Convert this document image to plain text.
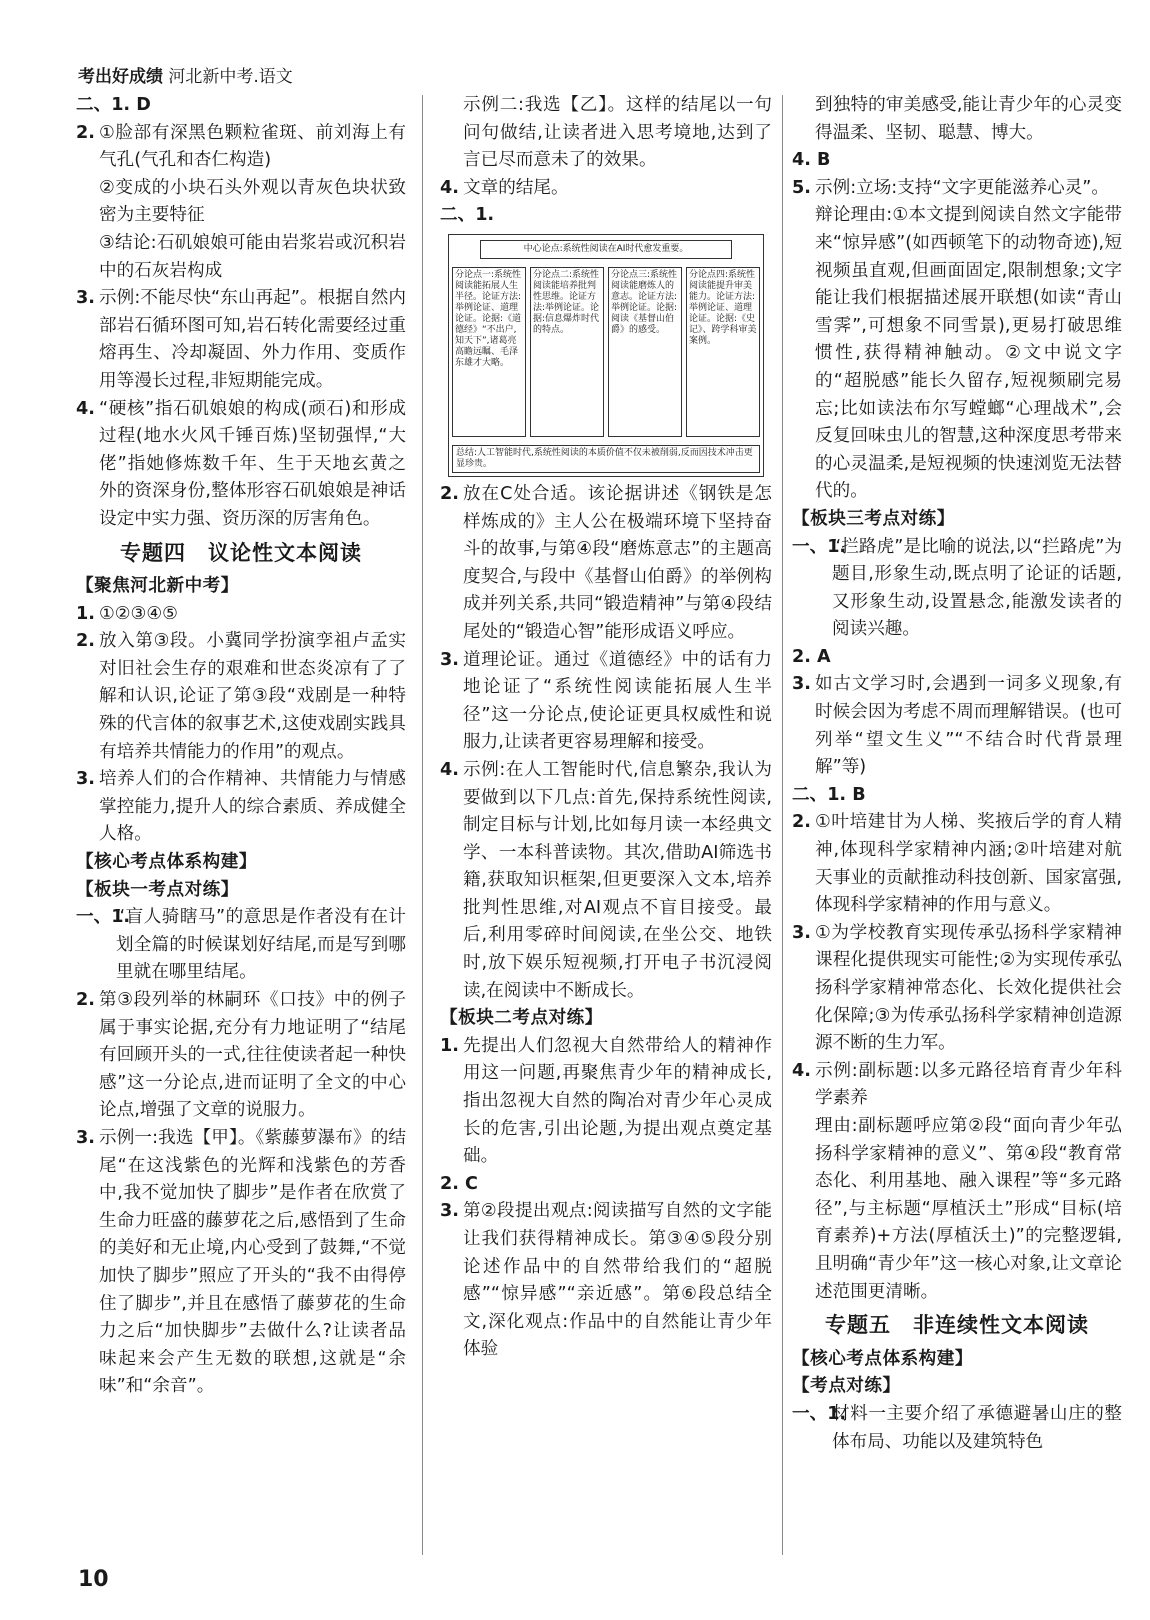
考出好成绩 河北新中考.语文

二、1. D

2. ①脸部有深黑色颗粒雀斑、前刘海上有气孔(气孔和杏仁构造)

②变成的小块石头外观以青灰色块状致密为主要特征

③结论:石矶娘娘可能由岩浆岩或沉积岩中的石灰岩构成

3. 示例:不能尽快“东山再起”。根据自然内部岩石循环图可知,岩石转化需要经过重熔再生、冷却凝固、外力作用、变质作用等漫长过程,非短期能完成。
4. “硬核”指石矶娘娘的构成(顽石)和形成过程(地水火风千锤百炼)坚韧强悍,“大佬”指她修炼数千年、生于天地玄黄之外的资深身份,整体形容石矶娘娘是神话设定中实力强、资历深的厉害角色。

专题四　议论性文本阅读

【聚焦河北新中考】

1. ①②③④⑤
2. 放入第③段。小冀同学扮演孪祖卢孟实对旧社会生存的艰难和世态炎凉有了了解和认识,论证了第③段“戏剧是一种特殊的代言体的叙事艺术,这使戏剧实践具有培养共情能力的作用”的观点。
3. 培养人们的合作精神、共情能力与情感掌控能力,提升人的综合素质、养成健全人格。

【核心考点体系构建】

【板块一考点对练】

一、1.
“盲人骑瞎马”的意思是作者没有在计划全篇的时候谋划好结尾,而是写到哪里就在哪里结尾。
2. 第③段列举的林嗣环《口技》中的例子属于事实论据,充分有力地证明了“结尾有回顾开头的一式,往往使读者起一种快感”这一分论点,进而证明了全文的中心论点,增强了文章的说服力。
3. 示例一:我选【甲】。《紫藤萝瀑布》的结尾“在这浅紫色的光辉和浅紫色的芳香中,我不觉加快了脚步”是作者在欣赏了生命力旺盛的藤萝花之后,感悟到了生命的美好和无止境,内心受到了鼓舞,“不觉加快了脚步”照应了开头的“我不由得停住了脚步”,并且在感悟了藤萝花的生命力之后“加快脚步”去做什么?让读者品味起来会产生无数的联想,这就是“余味”和“余音”。

示例二:我选【乙】。这样的结尾以一句问句做结,让读者进入思考境地,达到了言已尽而意未了的效果。

4. 文章的结尾。

二、1.

中心论点:系统性阅读在AI时代愈发重要。
分论点一:系统性阅读能拓展人生半径。论证方法:举例论证、道理论证。论据:《道德经》“不出户,知天下”,诸葛亮高瞻远瞩、毛泽东雄才大略。
分论点二:系统性阅读能培养批判性思维。论证方法:举例论证。论据:信息爆炸时代的特点。
分论点三:系统性阅读能磨炼人的意志。论证方法:举例论证。论据:阅读《基督山伯爵》的感受。
分论点四:系统性阅读能提升审美能力。论证方法:举例论证、道理论证。论据:《史记》、跨学科审美案例。
总结:人工智能时代,系统性阅读的本质价值不仅未被削弱,反而因技术冲击更显珍贵。
2. 放在C处合适。该论据讲述《钢铁是怎样炼成的》主人公在极端环境下坚持奋斗的故事,与第④段“磨炼意志”的主题高度契合,与段中《基督山伯爵》的举例构成并列关系,共同“锻造精神”与第④段结尾处的“锻造心智”能形成语义呼应。
3. 道理论证。通过《道德经》中的话有力地论证了“系统性阅读能拓展人生半径”这一分论点,使论证更具权威性和说服力,让读者更容易理解和接受。
4. 示例:在人工智能时代,信息繁杂,我认为要做到以下几点:首先,保持系统性阅读,制定目标与计划,比如每月读一本经典文学、一本科普读物。其次,借助AI筛选书籍,获取知识框架,但更要深入文本,培养批判性思维,对AI观点不盲目接受。最后,利用零碎时间阅读,在坐公交、地铁时,放下娱乐短视频,打开电子书沉浸阅读,在阅读中不断成长。

【板块二考点对练】

1. 先提出人们忽视大自然带给人的精神作用这一问题,再聚焦青少年的精神成长,指出忽视大自然的陶冶对青少年心灵成长的危害,引出论题,为提出观点奠定基础。

2. C

3. 第②段提出观点:阅读描写自然的文字能让我们获得精神成长。第③④⑤段分别论述作品中的自然带给我们的“超脱感”“惊异感”“亲近感”。第⑥段总结全文,深化观点:作品中的自然能让青少年体验

到独特的审美感受,能让青少年的心灵变得温柔、坚韧、聪慧、博大。

4. B

5. 示例:立场:支持“文字更能滋养心灵”。

辩论理由:①本文提到阅读自然文字能带来“惊异感”(如西顿笔下的动物奇迹),短视频虽直观,但画面固定,限制想象;文字能让我们根据描述展开联想(如读“青山雪霁”,可想象不同雪景),更易打破思维惯性,获得精神触动。②文中说文字的“超脱感”能长久留存,短视频刷完易忘;比如读法布尔写螳螂“心理战术”,会反复回味虫儿的智慧,这种深度思考带来的心灵温柔,是短视频的快速浏览无法替代的。

【板块三考点对练】

一、1.
“拦路虎”是比喻的说法,以“拦路虎”为题目,形象生动,既点明了论证的话题,又形象生动,设置悬念,能激发读者的阅读兴趣。

2. A

3. 如古文学习时,会遇到一词多义现象,有时候会因为考虑不周而理解错误。(也可列举“望文生义”“不结合时代背景理解”等)

二、1. B

2. ①叶培建甘为人梯、奖掖后学的育人精神,体现科学家精神内涵;②叶培建对航天事业的贡献推动科技创新、国家富强,体现科学家精神的作用与意义。
3. ①为学校教育实现传承弘扬科学家精神课程化提供现实可能性;②为实现传承弘扬科学家精神常态化、长效化提供社会化保障;③为传承弘扬科学家精神创造源源不断的生力军。
4. 示例:副标题:以多元路径培育青少年科学素养

理由:副标题呼应第②段“面向青少年弘扬科学家精神的意义”、第④段“教育常态化、利用基地、融入课程”等“多元路径”,与主标题“厚植沃土”形成“目标(培育素养)+方法(厚植沃土)”的完整逻辑,且明确“青少年”这一核心对象,让文章论述范围更清晰。

专题五　非连续性文本阅读

【核心考点体系构建】

【考点对练】

一、1.
材料一主要介绍了承德避暑山庄的整体布局、功能以及建筑特色
10
